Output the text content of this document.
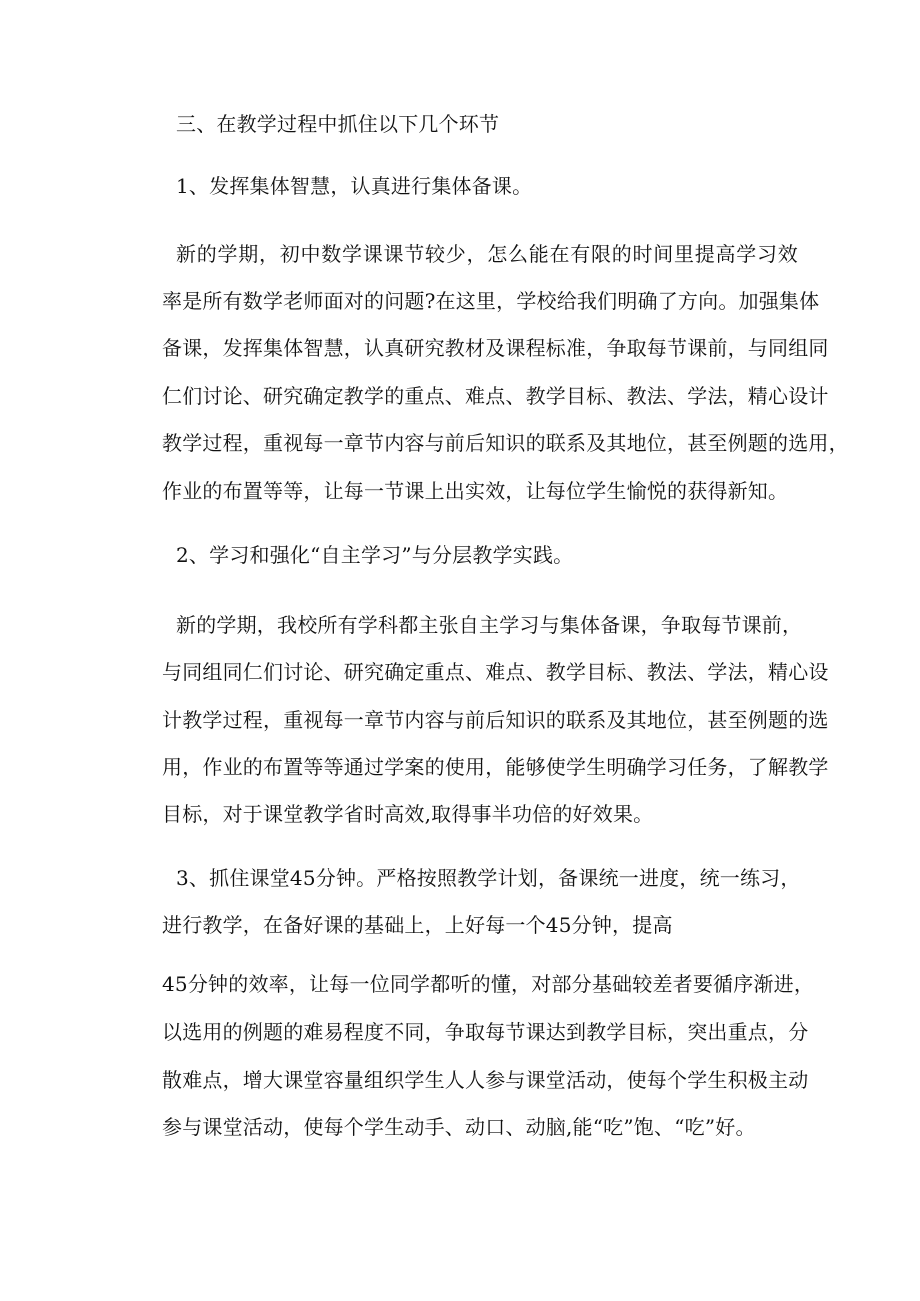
三、在教学过程中抓住以下几个环节
1、发挥集体智慧，认真进行集体备课。
新的学期，初中数学课课节较少，怎么能在有限的时间里提高学习效
率是所有数学老师面对的问题?在这里，学校给我们明确了方向。加强集体
备课，发挥集体智慧，认真研究教材及课程标准，争取每节课前，与同组同
仁们讨论、研究确定教学的重点、难点、教学目标、教法、学法，精心设计
教学过程，重视每一章节内容与前后知识的联系及其地位，甚至例题的选用，
作业的布置等等，让每一节课上出实效，让每位学生愉悦的获得新知。
2、学习和强化“自主学习”与分层教学实践。
新的学期，我校所有学科都主张自主学习与集体备课，争取每节课前，
与同组同仁们讨论、研究确定重点、难点、教学目标、教法、学法，精心设
计教学过程，重视每一章节内容与前后知识的联系及其地位，甚至例题的选
用，作业的布置等等通过学案的使用，能够使学生明确学习任务，了解教学
目标，对于课堂教学省时高效,取得事半功倍的好效果。
3、抓住课堂45分钟。严格按照教学计划，备课统一进度，统一练习，
进行教学，在备好课的基础上，上好每一个45分钟，提高
45分钟的效率，让每一位同学都听的懂，对部分基础较差者要循序渐进，
以选用的例题的难易程度不同，争取每节课达到教学目标，突出重点，分
散难点，增大课堂容量组织学生人人参与课堂活动，使每个学生积极主动
参与课堂活动，使每个学生动手、动口、动脑,能“吃”饱、“吃”好。
